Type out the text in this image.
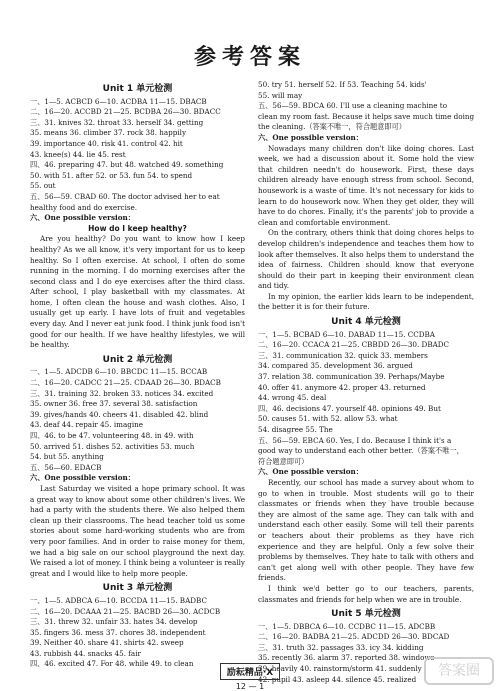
参考答案
Unit 1 单元检测
一、1—5. ACBCD 6—10. ACDBA 11—15. DBACB
二、16—20. ACCBD 21—25. BCDBA 26—30. BDACC
三、31. knives 32. throat 33. herself 34. getting
35. means 36. climber 37. rock 38. happily
39. importance 40. risk 41. control 42. hit
43. knee(s) 44. lie 45. rest
四、46. preparing 47. but 48. watched 49. something
50. with 51. after 52. or 53. fun 54. to spend
55. out
五、56—59. CBAD 60. The doctor advised her to eat
healthy food and do exercise.
六、One possible version：
How do I keep healthy?
Are you healthy? Do you want to know how I keep healthy? As we all know, it's very important for us to keep healthy. So I often exercise. At school, I often do some running in the morning. I do morning exercises after the second class and I do eye exercises after the third class. After school, I play basketball with my classmates. At home, I often clean the house and wash clothes. Also, I usually get up early. I have lots of fruit and vegetables every day. And I never eat junk food. I think junk food isn't good for our health. If we have healthy lifestyles, we will be healthy.
Unit 2 单元检测
一、1—5. ADCDB 6—10. BBCDC 11—15. BCCAB
二、16—20. CADCC 21—25. CDAAD 26—30. BDACB
三、31. training 32. broken 33. notices 34. excited
35. owner 36. free 37. several 38. satisfaction
39. gives/hands 40. cheers 41. disabled 42. blind
43. deaf 44. repair 45. imagine
四、46. to be 47. volunteering 48. in 49. with
50. arrived 51. dishes 52. activities 53. much
54. but 55. anything
五、56—60. EDACB
六、One possible version：
Last Saturday we visited a hope primary school. It was a great way to know about some other children's lives. We had a party with the students there. We also helped them clean up their classrooms. The head teacher told us some stories about some hard-working students who are from very poor families. And in order to raise money for them, we had a big sale on our school playground the next day. We raised a lot of money. I think being a volunteer is really great and I would like to help more people.
Unit 3 单元检测
一、1—5. ADBCA 6—10. BCCDA 11—15. BADBC
二、16—20. DCAAA 21—25. BACBD 26—30. ACDCB
三、31. threw 32. unfair 33. hates 34. develop
35. fingers 36. mess 37. chores 38. independent
39. Neither 40. share 41. shirts 42. sweep
43. rubbish 44. snacks 45. fair
四、46. excited 47. For 48. while 49. to clean
50. try 51. herself 52. If 53. Teaching 54. kids'
55. will may
五、56—59. BDCA 60. I'll use a cleaning machine to
clean my room fast. Because it helps save much time doing
the cleaning.（答案不唯一，符合题意即可）
六、One possible version：
Nowadays many children don't like doing chores. Last week, we had a discussion about it. Some hold the view that children needn't do housework. First, these days children already have enough stress from school. Second, housework is a waste of time. It's not necessary for kids to learn to do housework now. When they get older, they will have to do chores. Finally, it's the parents' job to provide a clean and comfortable environment.
On the contrary, others think that doing chores helps to develop children's independence and teaches them how to look after themselves. It also helps them to understand the idea of fairness. Children should know that everyone should do their part in keeping their environment clean and tidy.
In my opinion, the earlier kids learn to be independent, the better it is for their future.
Unit 4 单元检测
一、1—5. BCBAD 6—10. DABAD 11—15. CCDBA
二、16—20. CCACA 21—25. CBBDD 26—30. DBADC
三、31. communication 32. quick 33. members
34. compared 35. development 36. argued
37. relation 38. communication 39. Perhaps/Maybe
40. offer 41. anymore 42. proper 43. returned
44. wrong 45. deal
四、46. decisions 47. yourself 48. opinions 49. But
50. causes 51. with 52. allow 53. what
54. disagree 55. The
五、56—59. EBCA 60. Yes, I do. Because I think it's a
good way to understand each other better.（答案不唯一，
符合题意即可）
六、One possible version：
Recently, our school has made a survey about whom to go to when in trouble. Most students will go to their classmates or friends when they have trouble because they are almost of the same age. They can talk with and understand each other easily. Some will tell their parents or teachers about their problems as they have rich experience and they are helpful. Only a few solve their problems by themselves. They hate to talk with others and can't get along well with other people. They have few friends.
I think we'd better go to our teachers, parents, classmates and friends for help when we are in trouble.
Unit 5 单元检测
一、1—5. DBBCA 6—10. CCDBC 11—15. ADCBB
二、16—20. BADBA 21—25. ADCDD 26—30. BDCAD
三、31. truth 32. passages 33. icy 34. kidding
35. recently 36. alarm 37. reported 38. windows
39. heavily 40. rainstorm/storm 41. suddenly
42. pupil 43. asleep 44. silence 45. realized
励耘精品·X
12 — 1
答案圈
